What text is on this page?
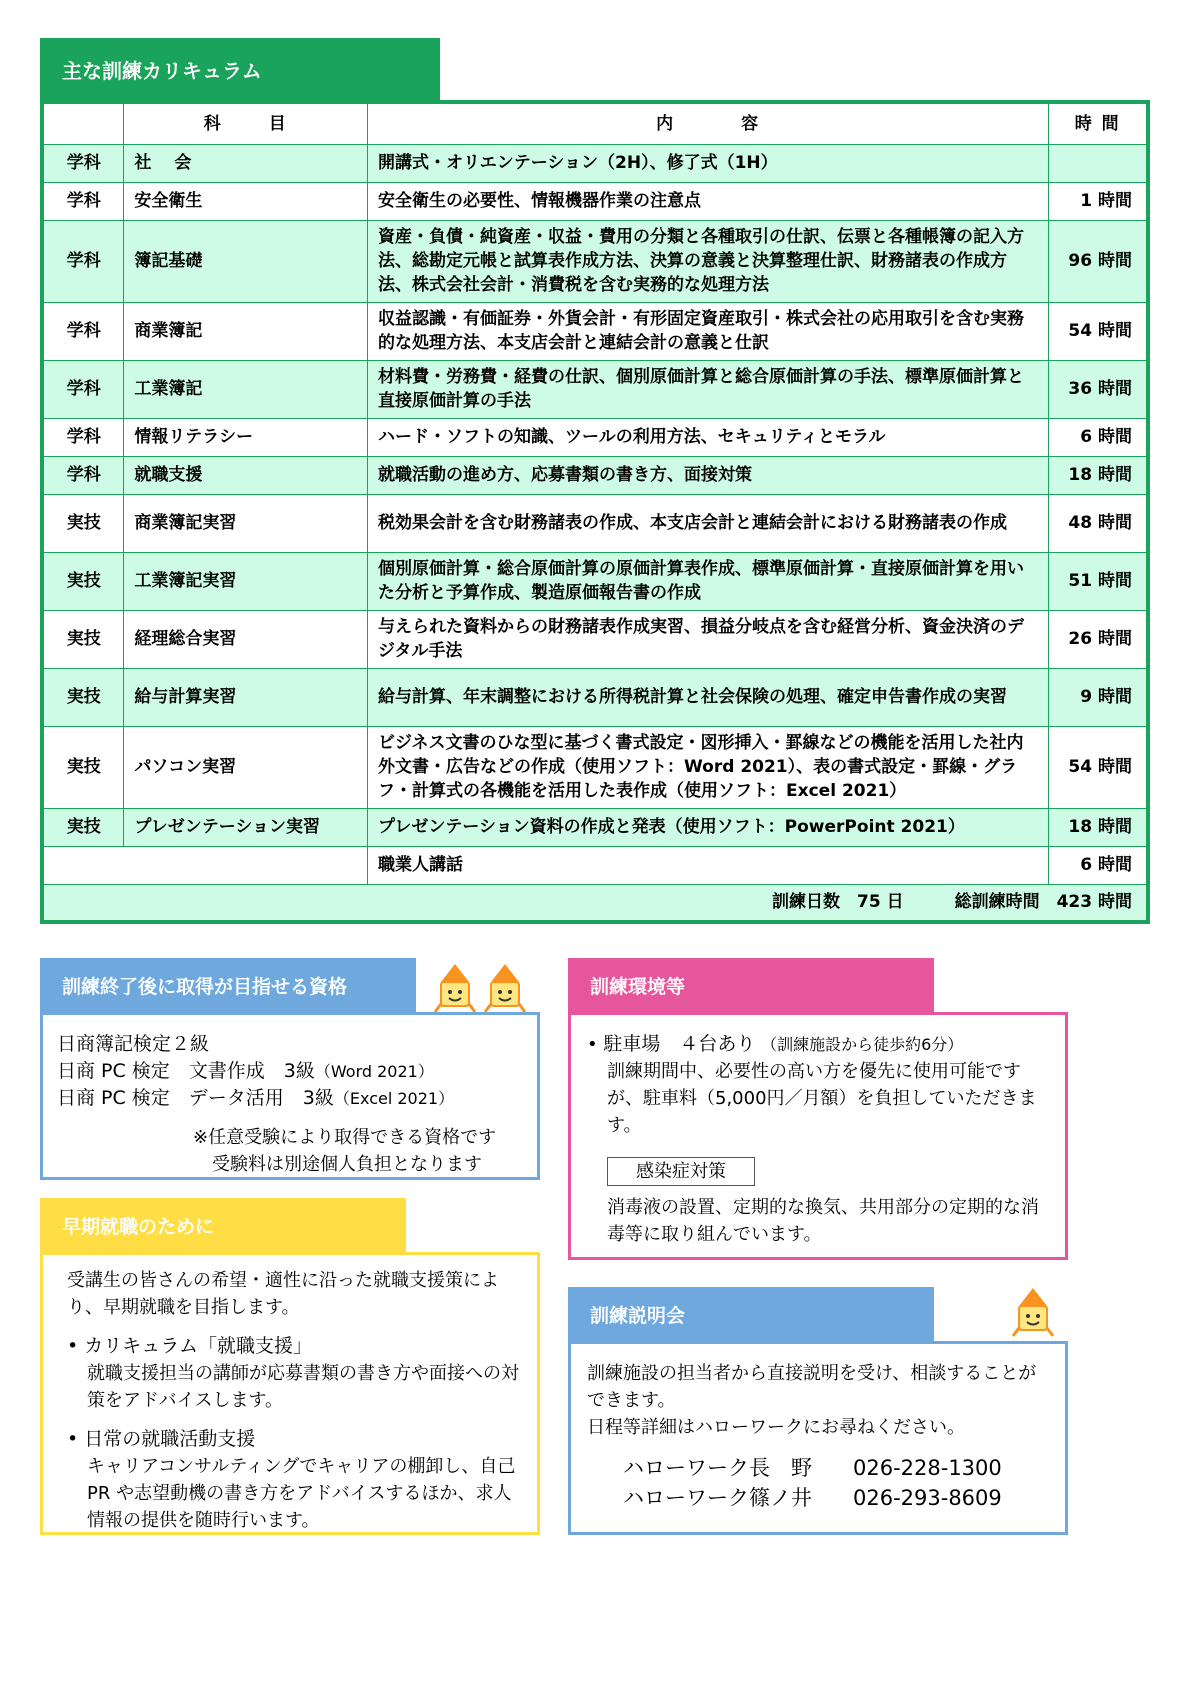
主な訓練カリキュラム

	科 目	内 容	時 間
学科	社　 会	開講式・オリエンテーション（2H）、修了式（1H）	
学科	安全衛生	安全衛生の必要性、情報機器作業の注意点	1 時間
学科	簿記基礎	資産・負債・純資産・収益・費用の分類と各種取引の仕訳、伝票と各種帳簿の記入方法、総勘定元帳と試算表作成方法、決算の意義と決算整理仕訳、財務諸表の作成方法、株式会社会計・消費税を含む実務的な処理方法	96 時間
学科	商業簿記	収益認識・有価証券・外貨会計・有形固定資産取引・株式会社の応用取引を含む実務的な処理方法、本支店会計と連結会計の意義と仕訳	54 時間
学科	工業簿記	材料費・労務費・経費の仕訳、個別原価計算と総合原価計算の手法、標準原価計算と直接原価計算の手法	36 時間
学科	情報リテラシー	ハード・ソフトの知識、ツールの利用方法、セキュリティとモラル	6 時間
学科	就職支援	就職活動の進め方、応募書類の書き方、面接対策	18 時間
実技	商業簿記実習	税効果会計を含む財務諸表の作成、本支店会計と連結会計における財務諸表の作成	48 時間
実技	工業簿記実習	個別原価計算・総合原価計算の原価計算表作成、標準原価計算・直接原価計算を用いた分析と予算作成、製造原価報告書の作成	51 時間
実技	経理総合実習	与えられた資料からの財務諸表作成実習、損益分岐点を含む経営分析、資金決済のデジタル手法	26 時間
実技	給与計算実習	給与計算、年末調整における所得税計算と社会保険の処理、確定申告書作成の実習	9 時間
実技	パソコン実習	ビジネス文書のひな型に基づく書式設定・図形挿入・罫線などの機能を活用した社内外文書・広告などの作成（使用ソフト：Word 2021）、表の書式設定・罫線・グラフ・計算式の各機能を活用した表作成（使用ソフト：Excel 2021）	54 時間
実技	プレゼンテーション実習	プレゼンテーション資料の作成と発表（使用ソフト：PowerPoint 2021）	18 時間
		職業人講話	6 時間
訓練日数　75 日　　　総訓練時間　423 時間			
訓練終了後に取得が目指せる資格
日商簿記検定２級
日商 PC 検定　文書作成　3級（Word 2021）
日商 PC 検定　データ活用　3級（Excel 2021）
※任意受験により取得できる資格です
受験料は別途個人負担となります
早期就職のために
受講生の皆さんの希望・適性に沿った就職支援策により、早期就職を目指します。
• カリキュラム「就職支援」
就職支援担当の講師が応募書類の書き方や面接への対策をアドバイスします。
• 日常の就職活動支援
キャリアコンサルティングでキャリアの棚卸し、自己 PR や志望動機の書き方をアドバイスするほか、求人情報の提供を随時行います。
訓練環境等
• 駐車場　４台あり （訓練施設から徒歩約6分）
訓練期間中、必要性の高い方を優先に使用可能ですが、駐車料（5,000円／月額）を負担していただきます。
感染症対策
消毒液の設置、定期的な換気、共用部分の定期的な消毒等に取り組んでいます。
訓練説明会
訓練施設の担当者から直接説明を受け、相談することができます。
日程等詳細はハローワークにお尋ねください。
ハローワーク長　野 026-228-1300
ハローワーク篠ノ井 026-293-8609
